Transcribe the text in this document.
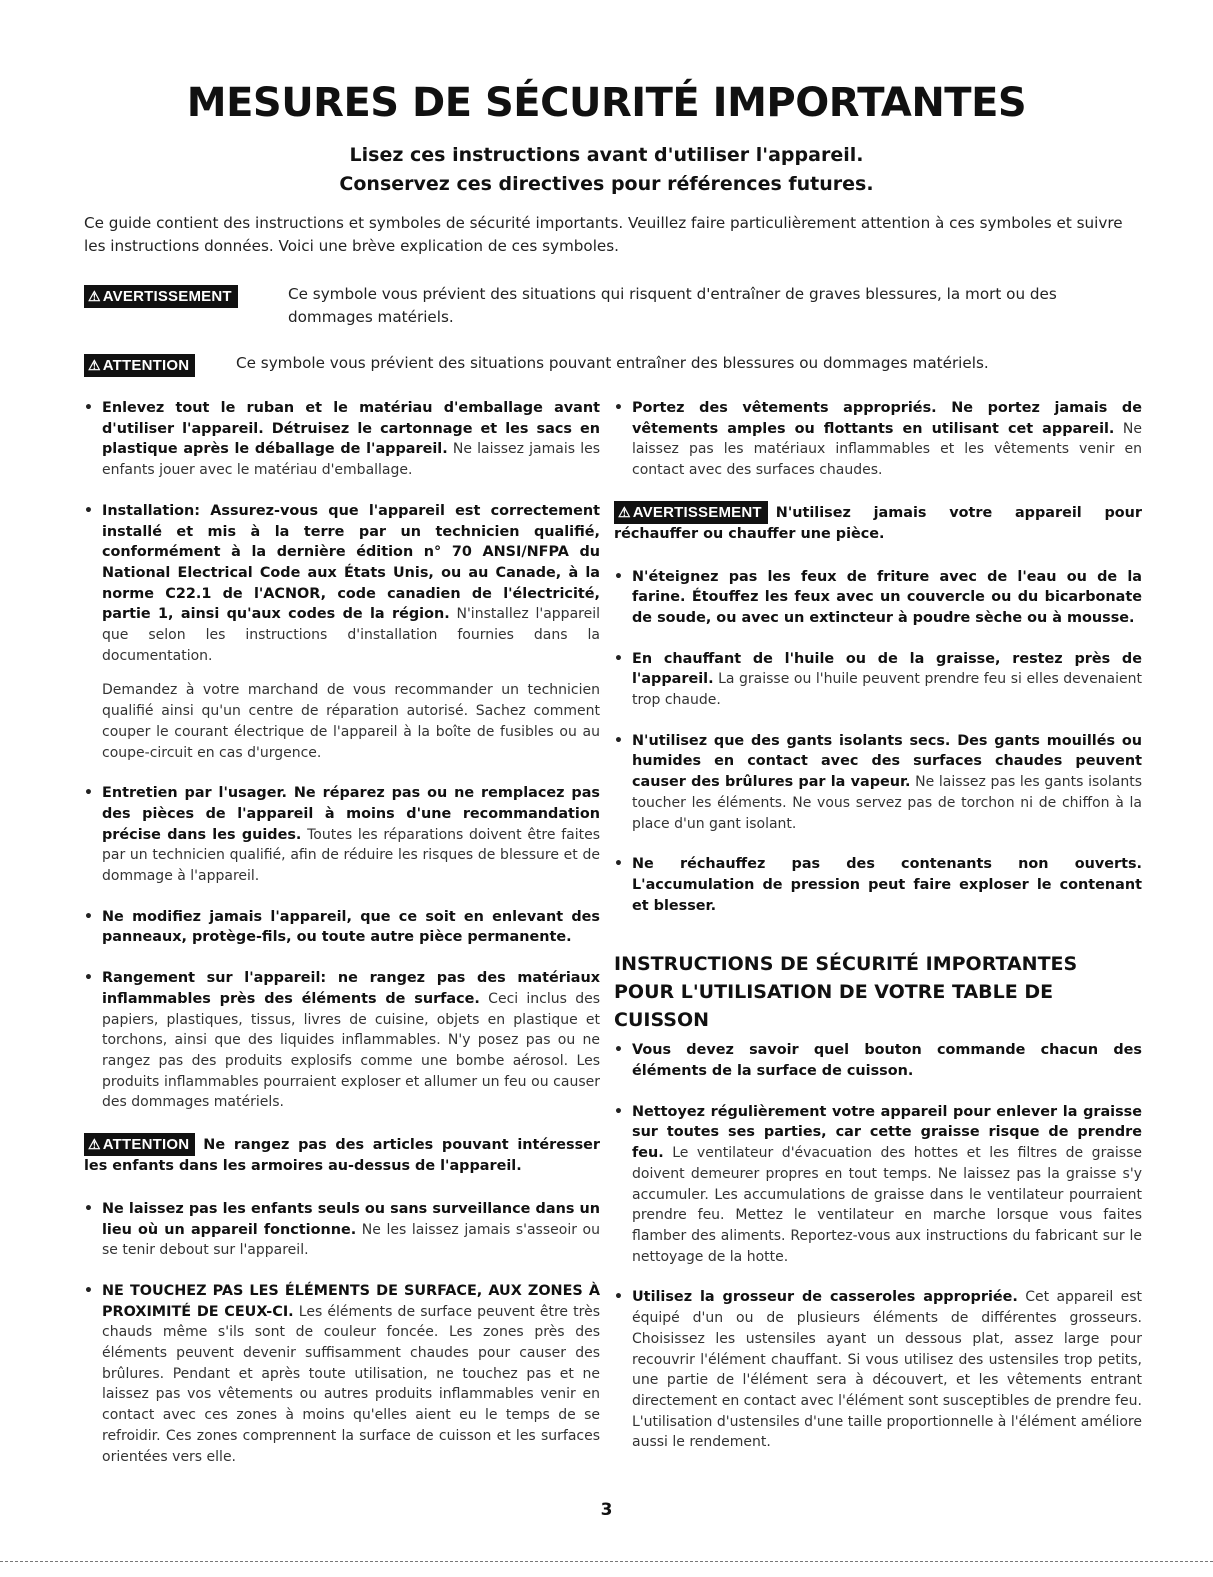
MESURES DE SÉCURITÉ IMPORTANTES
Lisez ces instructions avant d'utiliser l'appareil.
Conservez ces directives pour références futures.
Ce guide contient des instructions et symboles de sécurité importants. Veuillez faire particulièrement attention à ces symboles et suivre les instructions données. Voici une brève explication de ces symboles.
⚠ AVERTISSEMENT	Ce symbole vous prévient des situations qui risquent d'entraîner de graves blessures, la mort ou des dommages matériels.
⚠ ATTENTION	Ce symbole vous prévient des situations pouvant entraîner des blessures ou dommages matériels.
• Enlevez tout le ruban et le matériau d'emballage avant d'utiliser l'appareil. Détruisez le cartonnage et les sacs en plastique après le déballage de l'appareil. Ne laissez jamais les enfants jouer avec le matériau d'emballage.
• Installation: Assurez-vous que l'appareil est correctement installé et mis à la terre par un technicien qualifié, conformément à la dernière édition n° 70 ANSI/NFPA du National Electrical Code aux États Unis, ou au Canade, à la norme C22.1 de l'ACNOR, code canadien de l'électricité, partie 1, ainsi qu'aux codes de la région. N'installez l'appareil que selon les instructions d'installation fournies dans la documentation.
Demandez à votre marchand de vous recommander un technicien qualifié ainsi qu'un centre de réparation autorisé. Sachez comment couper le courant électrique de l'appareil à la boîte de fusibles ou au coupe-circuit en cas d'urgence.
• Entretien par l'usager. Ne réparez pas ou ne remplacez pas des pièces de l'appareil à moins d'une recommandation précise dans les guides. Toutes les réparations doivent être faites par un technicien qualifié, afin de réduire les risques de blessure et de dommage à l'appareil.
• Ne modifiez jamais l'appareil, que ce soit en enlevant des panneaux, protège-fils, ou toute autre pièce permanente.
• Rangement sur l'appareil: ne rangez pas des matériaux inflammables près des éléments de surface. Ceci inclus des papiers, plastiques, tissus, livres de cuisine, objets en plastique et torchons, ainsi que des liquides inflammables. N'y posez pas ou ne rangez pas des produits explosifs comme une bombe aérosol. Les produits inflammables pourraient exploser et allumer un feu ou causer des dommages matériels.
⚠ ATTENTION Ne rangez pas des articles pouvant intéresser les enfants dans les armoires au-dessus de l'appareil.
• Ne laissez pas les enfants seuls ou sans surveillance dans un lieu où un appareil fonctionne. Ne les laissez jamais s'asseoir ou se tenir debout sur l'appareil.
• NE TOUCHEZ PAS LES ÉLÉMENTS DE SURFACE, AUX ZONES À PROXIMITÉ DE CEUX-CI. Les éléments de surface peuvent être très chauds même s'ils sont de couleur foncée. Les zones près des éléments peuvent devenir suffisamment chaudes pour causer des brûlures. Pendant et après toute utilisation, ne touchez pas et ne laissez pas vos vêtements ou autres produits inflammables venir en contact avec ces zones à moins qu'elles aient eu le temps de se refroidir. Ces zones comprennent la surface de cuisson et les surfaces orientées vers elle.
• Portez des vêtements appropriés. Ne portez jamais de vêtements amples ou flottants en utilisant cet appareil. Ne laissez pas les matériaux inflammables et les vêtements venir en contact avec des surfaces chaudes.
⚠ AVERTISSEMENT N'utilisez jamais votre appareil pour réchauffer ou chauffer une pièce.
• N'éteignez pas les feux de friture avec de l'eau ou de la farine. Étouffez les feux avec un couvercle ou du bicarbonate de soude, ou avec un extincteur à poudre sèche ou à mousse.
• En chauffant de l'huile ou de la graisse, restez près de l'appareil. La graisse ou l'huile peuvent prendre feu si elles devenaient trop chaude.
• N'utilisez que des gants isolants secs. Des gants mouillés ou humides en contact avec des surfaces chaudes peuvent causer des brûlures par la vapeur. Ne laissez pas les gants isolants toucher les éléments. Ne vous servez pas de torchon ni de chiffon à la place d'un gant isolant.
• Ne réchauffez pas des contenants non ouverts. L'accumulation de pression peut faire exploser le contenant et blesser.
INSTRUCTIONS DE SÉCURITÉ IMPORTANTES POUR L'UTILISATION DE VOTRE TABLE DE CUISSON
• Vous devez savoir quel bouton commande chacun des éléments de la surface de cuisson.
• Nettoyez régulièrement votre appareil pour enlever la graisse sur toutes ses parties, car cette graisse risque de prendre feu. Le ventilateur d'évacuation des hottes et les filtres de graisse doivent demeurer propres en tout temps. Ne laissez pas la graisse s'y accumuler. Les accumulations de graisse dans le ventilateur pourraient prendre feu. Mettez le ventilateur en marche lorsque vous faites flamber des aliments. Reportez-vous aux instructions du fabricant sur le nettoyage de la hotte.
• Utilisez la grosseur de casseroles appropriée. Cet appareil est équipé d'un ou de plusieurs éléments de différentes grosseurs. Choisissez les ustensiles ayant un dessous plat, assez large pour recouvrir l'élément chauffant. Si vous utilisez des ustensiles trop petits, une partie de l'élément sera à découvert, et les vêtements entrant directement en contact avec l'élément sont susceptibles de prendre feu. L'utilisation d'ustensiles d'une taille proportionnelle à l'élément améliore aussi le rendement.
3
